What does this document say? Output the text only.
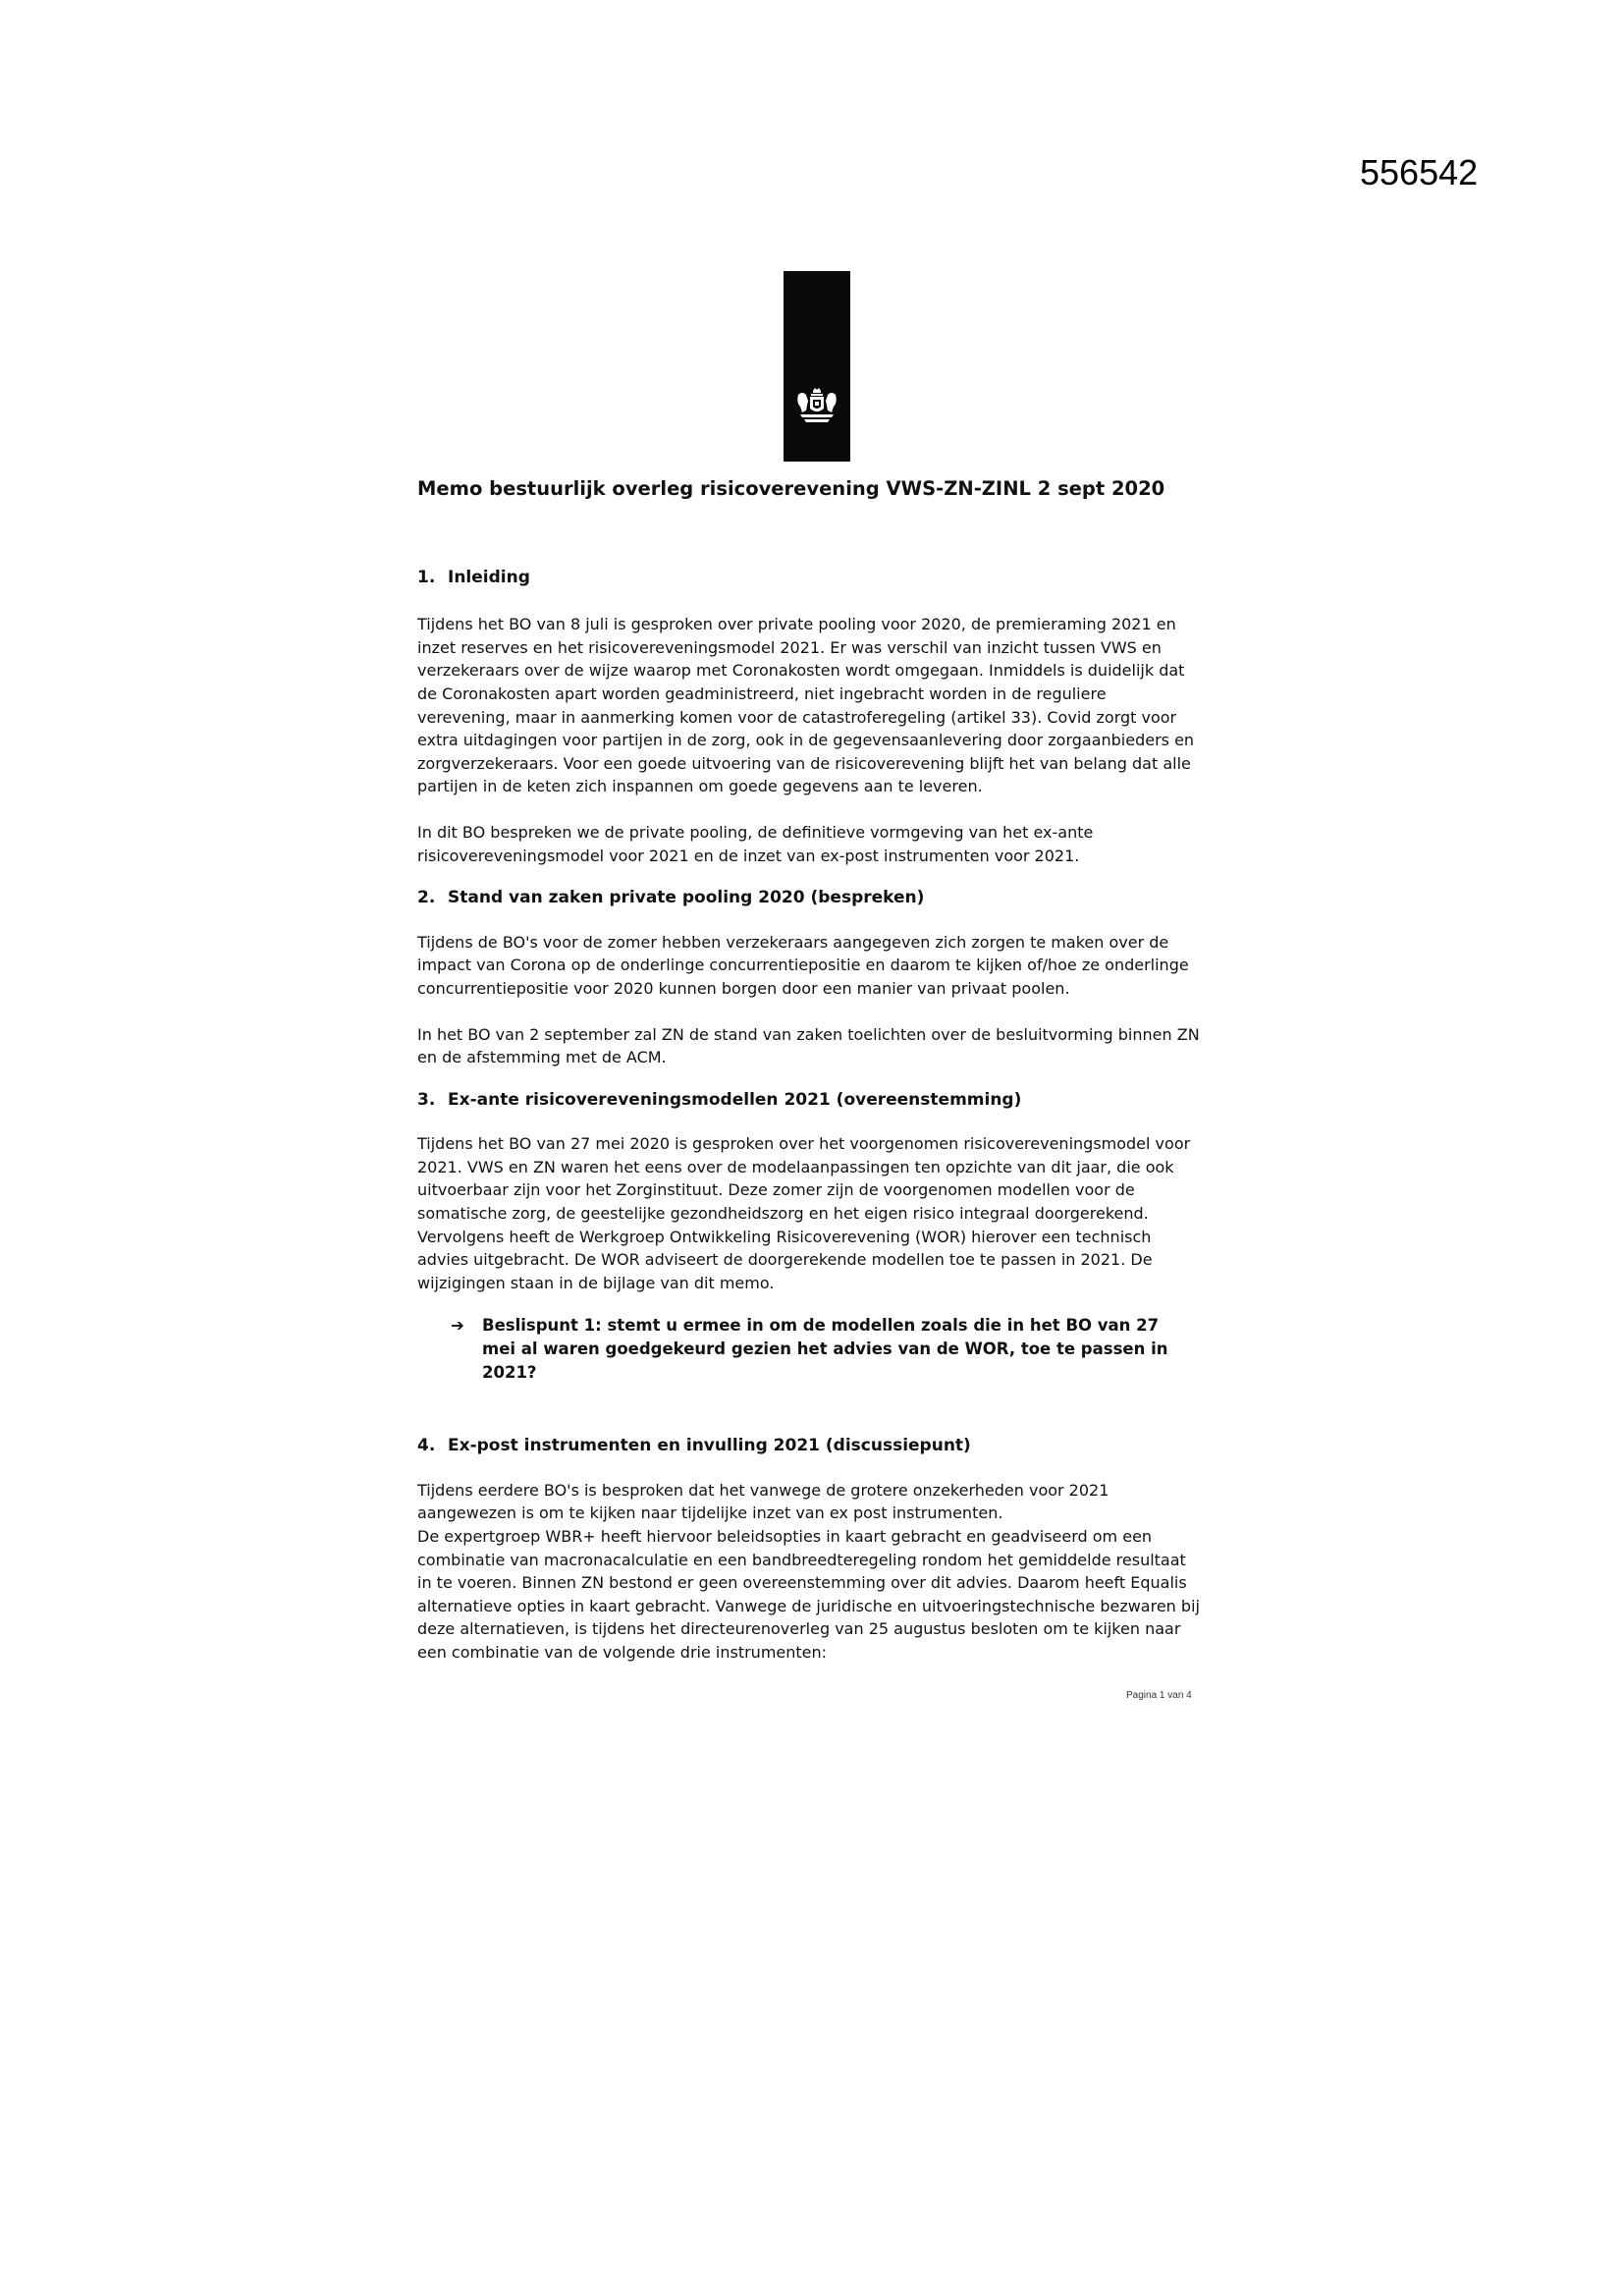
556542
Memo bestuurlijk overleg risicoverevening VWS-ZN-ZINL 2 sept 2020
1. Inleiding

Tijdens het BO van 8 juli is gesproken over private pooling voor 2020, de premieraming 2021 en inzet reserves en het risicovereveningsmodel 2021. Er was verschil van inzicht tussen VWS en verzekeraars over de wijze waarop met Coronakosten wordt omgegaan. Inmiddels is duidelijk dat de Coronakosten apart worden geadministreerd, niet ingebracht worden in de reguliere verevening, maar in aanmerking komen voor de catastroferegeling (artikel 33). Covid zorgt voor extra uitdagingen voor partijen in de zorg, ook in de gegevensaanlevering door zorgaanbieders en zorgverzekeraars. Voor een goede uitvoering van de risicoverevening blijft het van belang dat alle partijen in de keten zich inspannen om goede gegevens aan te leveren.

In dit BO bespreken we de private pooling, de definitieve vormgeving van het ex-ante risicovereveningsmodel voor 2021 en de inzet van ex-post instrumenten voor 2021.

2. Stand van zaken private pooling 2020 (bespreken)

Tijdens de BO's voor de zomer hebben verzekeraars aangegeven zich zorgen te maken over de impact van Corona op de onderlinge concurrentiepositie en daarom te kijken of/hoe ze onderlinge concurrentiepositie voor 2020 kunnen borgen door een manier van privaat poolen.

In het BO van 2 september zal ZN de stand van zaken toelichten over de besluitvorming binnen ZN en de afstemming met de ACM.

3. Ex-ante risicovereveningsmodellen 2021 (overeenstemming)

Tijdens het BO van 27 mei 2020 is gesproken over het voorgenomen risicovereveningsmodel voor 2021. VWS en ZN waren het eens over de modelaanpassingen ten opzichte van dit jaar, die ook uitvoerbaar zijn voor het Zorginstituut. Deze zomer zijn de voorgenomen modellen voor de somatische zorg, de geestelijke gezondheidszorg en het eigen risico integraal doorgerekend. Vervolgens heeft de Werkgroep Ontwikkeling Risicoverevening (WOR) hierover een technisch advies uitgebracht. De WOR adviseert de doorgerekende modellen toe te passen in 2021. De wijzigingen staan in de bijlage van dit memo.

➔	Beslispunt 1: stemt u ermee in om de modellen zoals die in het BO van 27 mei al waren goedgekeurd gezien het advies van de WOR, toe te passen in 2021?
4. Ex-post instrumenten en invulling 2021 (discussiepunt)

Tijdens eerdere BO's is besproken dat het vanwege de grotere onzekerheden voor 2021 aangewezen is om te kijken naar tijdelijke inzet van ex post instrumenten.

De expertgroep WBR+ heeft hiervoor beleidsopties in kaart gebracht en geadviseerd om een combinatie van macronacalculatie en een bandbreedteregeling rondom het gemiddelde resultaat in te voeren. Binnen ZN bestond er geen overeenstemming over dit advies. Daarom heeft Equalis alternatieve opties in kaart gebracht. Vanwege de juridische en uitvoeringstechnische bezwaren bij deze alternatieven, is tijdens het directeurenoverleg van 25 augustus besloten om te kijken naar een combinatie van de volgende drie instrumenten:

Pagina 1 van 4
